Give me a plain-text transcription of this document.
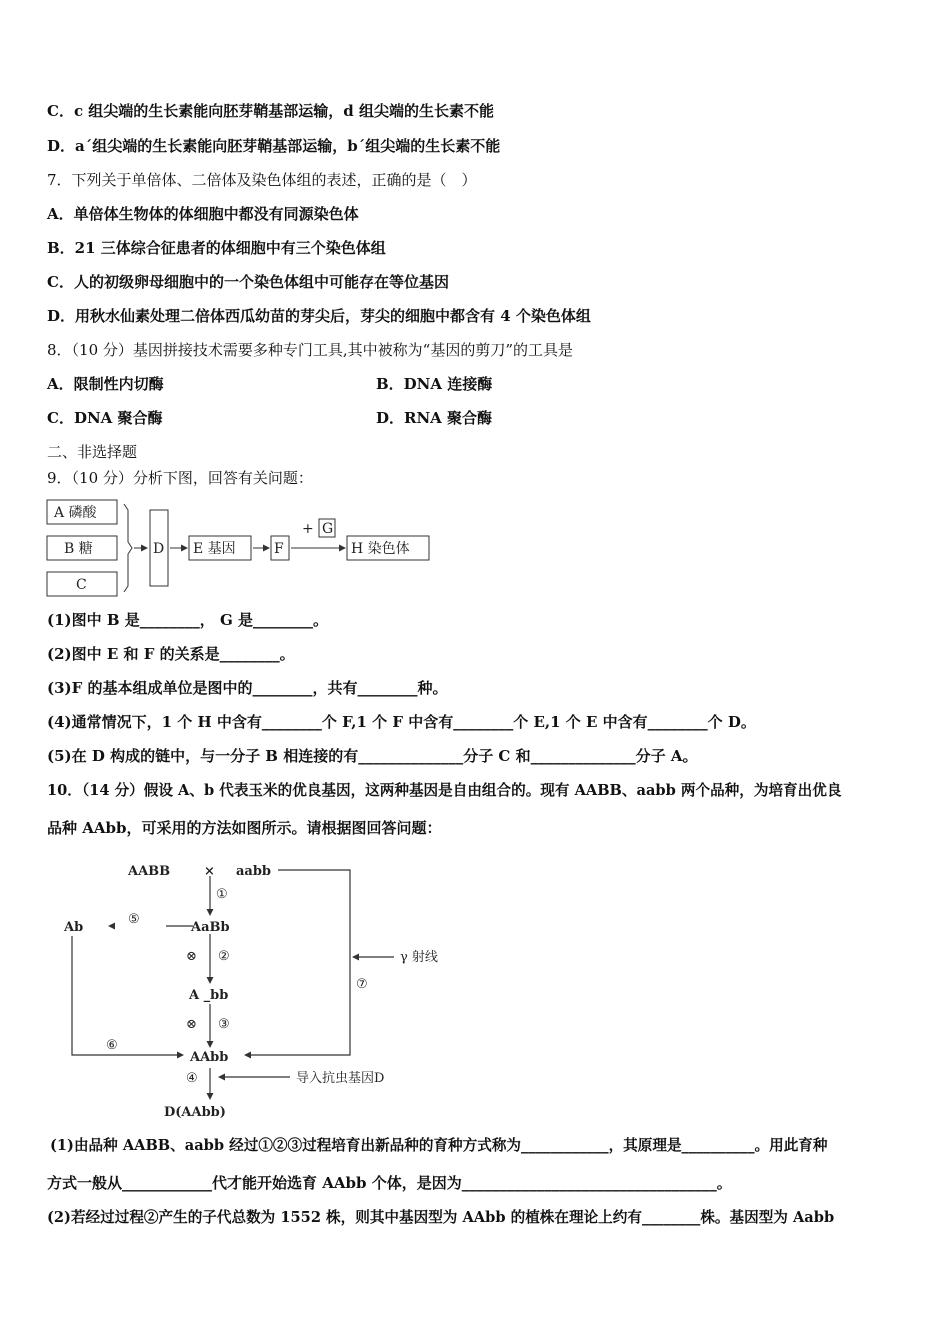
C．c 组尖端的生长素能向胚芽鞘基部运输，d 组尖端的生长素不能
D．a´组尖端的生长素能向胚芽鞘基部运输，b´组尖端的生长素不能
7．下列关于单倍体、二倍体及染色体组的表述，正确的是（　）
A．单倍体生物体的体细胞中都没有同源染色体
B．21 三体综合征患者的体细胞中有三个染色体组
C．人的初级卵母细胞中的一个染色体组中可能存在等位基因
D．用秋水仙素处理二倍体西瓜幼苗的芽尖后，芽尖的细胞中都含有 4 个染色体组
8．（10 分）基因拼接技术需要多种专门工具,其中被称为“基因的剪刀”的工具是
A．限制性内切酶	B．DNA 连接酶
C．DNA 聚合酶	D．RNA 聚合酶
二、非选择题
9．（10 分）分析下图，回答有关问题：
A 磷酸
B 糖
C
D E 基因	F
+ G
H 染色体
(1)图中 B 是________， G 是________。
(2)图中 E 和 F 的关系是________。
(3)F 的基本组成单位是图中的________，共有________种。
(4)通常情况下，1 个 H 中含有________个 F,1 个 F 中含有________个 E,1 个 E 中含有________个 D。
(5)在 D 构成的链中，与一分子 B 相连接的有______________分子 C 和______________分子 A。
10．（14 分）假设 A、b 代表玉米的优良基因，这两种基因是自由组合的。现有 AABB、aabb 两个品种，为培育出优良
品种 AAbb，可采用的方法如图所示。请根据图回答问题：
AABB	× aabb
AaBb
Ab
A _bb
AAbb
D(AAbb)
①
⑤
⊗ ②
⊗ ③
⑥
④
γ 射线
⑦
导入抗虫基因D
(1)由品种 AABB、aabb 经过①②③过程培育出新品种的育种方式称为____________，其原理是__________。用此育种
方式一般从____________代才能开始选育 AAbb 个体，是因为__________________________________。
(2)若经过过程②产生的子代总数为 1552 株，则其中基因型为 AAbb 的植株在理论上约有________株。基因型为 Aabb
